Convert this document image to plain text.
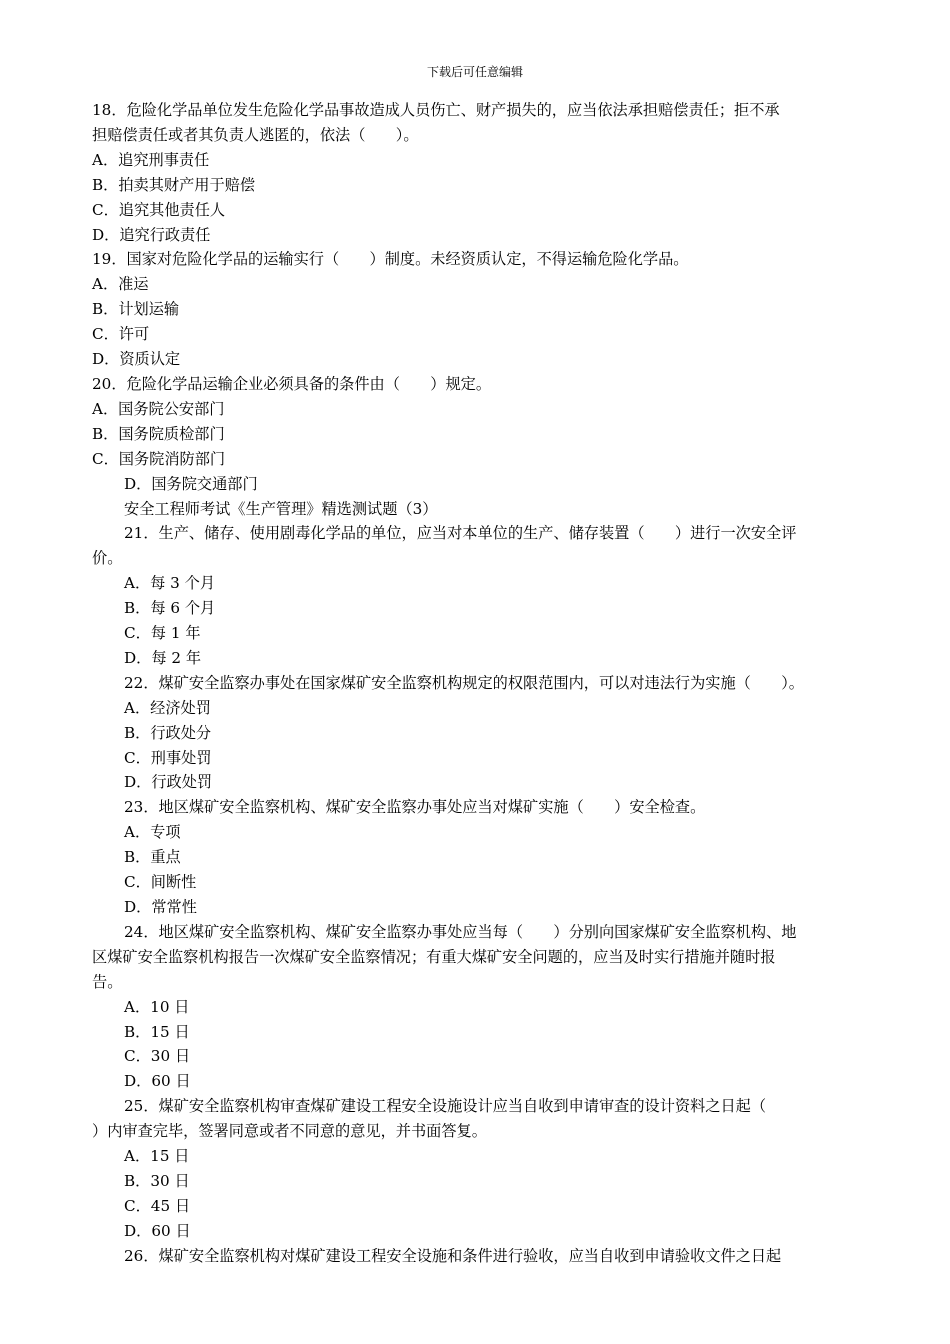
下载后可任意编辑

18．危险化学品单位发生危险化学品事故造成人员伤亡、财产损失的，应当依法承担赔偿责任；拒不承

担赔偿责任或者其负责人逃匿的，依法（　　）。

A．追究刑事责任

B．拍卖其财产用于赔偿

C．追究其他责任人

D．追究行政责任

19．国家对危险化学品的运输实行（　　）制度。未经资质认定，不得运输危险化学品。

A．准运

B．计划运输

C．许可

D．资质认定

20．危险化学品运输企业必须具备的条件由（　　）规定。

A．国务院公安部门

B．国务院质检部门

C．国务院消防部门

D．国务院交通部门

安全工程师考试《生产管理》精选测试题（3）

21．生产、储存、使用剧毒化学品的单位，应当对本单位的生产、储存装置（　　）进行一次安全评

价。

A．每 3 个月

B．每 6 个月

C．每 1 年

D．每 2 年

22．煤矿安全监察办事处在国家煤矿安全监察机构规定的权限范围内，可以对违法行为实施（　　）。

A．经济处罚

B．行政处分

C．刑事处罚

D．行政处罚

23．地区煤矿安全监察机构、煤矿安全监察办事处应当对煤矿实施（　　）安全检查。

A．专项

B．重点

C．间断性

D．常常性

24．地区煤矿安全监察机构、煤矿安全监察办事处应当每（　　）分别向国家煤矿安全监察机构、地

区煤矿安全监察机构报告一次煤矿安全监察情况；有重大煤矿安全问题的，应当及时实行措施并随时报

告。

A．10 日

B．15 日

C．30 日

D．60 日

25．煤矿安全监察机构审查煤矿建设工程安全设施设计应当自收到申请审查的设计资料之日起（

）内审查完毕，签署同意或者不同意的意见，并书面答复。

A．15 日

B．30 日

C．45 日

D．60 日

26．煤矿安全监察机构对煤矿建设工程安全设施和条件进行验收，应当自收到申请验收文件之日起
